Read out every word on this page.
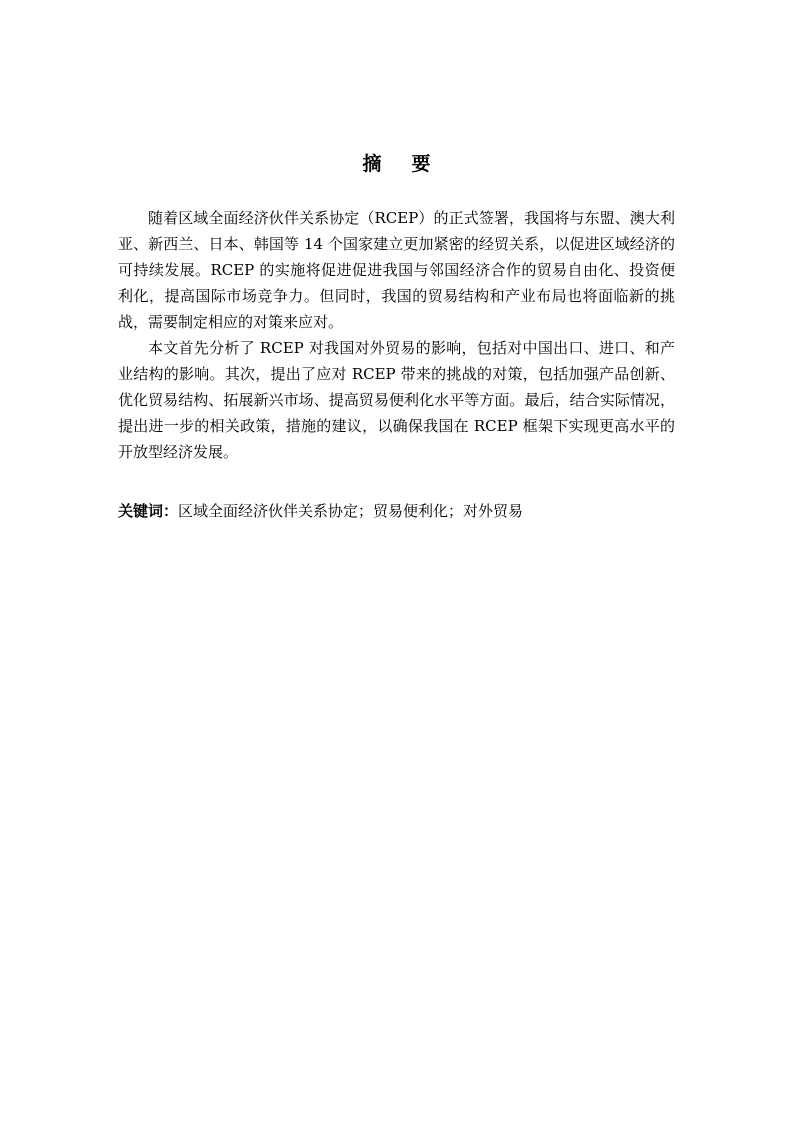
摘要

随着区域全面经济伙伴关系协定（RCEP）的正式签署，我国将与东盟、澳大利亚、新西兰、日本、韩国等 14 个国家建立更加紧密的经贸关系，以促进区域经济的可持续发展。RCEP 的实施将促进促进我国与邻国经济合作的贸易自由化、投资便利化，提高国际市场竞争力。但同时，我国的贸易结构和产业布局也将面临新的挑战，需要制定相应的对策来应对。

本文首先分析了 RCEP 对我国对外贸易的影响，包括对中国出口、进口、和产业结构的影响。其次，提出了应对 RCEP 带来的挑战的对策，包括加强产品创新、优化贸易结构、拓展新兴市场、提高贸易便利化水平等方面。最后，结合实际情况，提出进一步的相关政策，措施的建议，以确保我国在 RCEP 框架下实现更高水平的开放型经济发展。

关键词：区域全面经济伙伴关系协定；贸易便利化；对外贸易
